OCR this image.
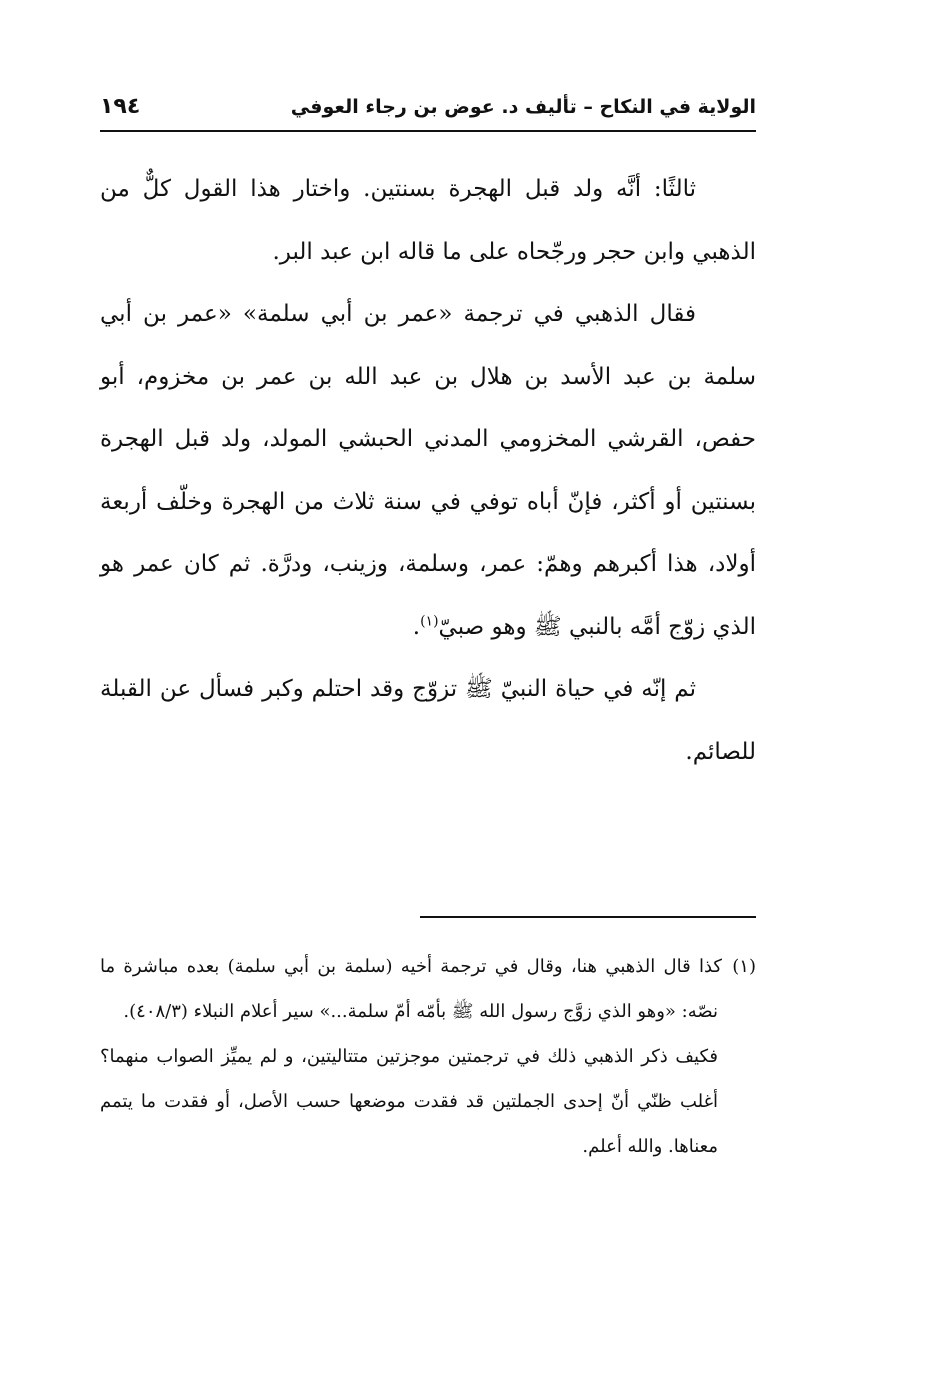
الولاية في النكاح – تأليف د. عوض بن رجاء العوفي
١٩٤

ثالثًا: أنَّه ولد قبل الهجرة بسنتين. واختار هذا القول كلٌّ من الذهبي وابن حجر ورجّحاه على ما قاله ابن عبد البر.

فقال الذهبي في ترجمة «عمر بن أبي سلمة» «عمر بن أبي سلمة بن عبد الأسد بن هلال بن عبد الله بن عمر بن مخزوم، أبو حفص، القرشي المخزومي المدني الحبشي المولد، ولد قبل الهجرة بسنتين أو أكثر، فإنّ أباه توفي في سنة ثلاث من الهجرة وخلّف أربعة أولاد، هذا أكبرهم وهمّ: عمر، وسلمة، وزينب، ودرَّة. ثم كان عمر هو الذي زوّج أمَّه بالنبي ﷺ وهو صبيّ$^{(١)}$.

ثم إنّه في حياة النبيّ ﷺ تزوّج وقد احتلم وكبر فسأل عن القبلة للصائم.

(١)كذا قال الذهبي هنا، وقال في ترجمة أخيه (سلمة بن أبي سلمة) بعده مباشرة ما نصّه: «وهو الذي زوَّج رسول الله ﷺ بأمّه أمّ سلمة...» سير أعلام النبلاء (٤٠٨/٣).

فكيف ذكر الذهبي ذلك في ترجمتين موجزتين متتاليتين، و لم يميِّز الصواب منهما؟ أغلب ظنّي أنّ إحدى الجملتين قد فقدت موضعها حسب الأصل، أو فقدت ما يتمم معناها. والله أعلم.
